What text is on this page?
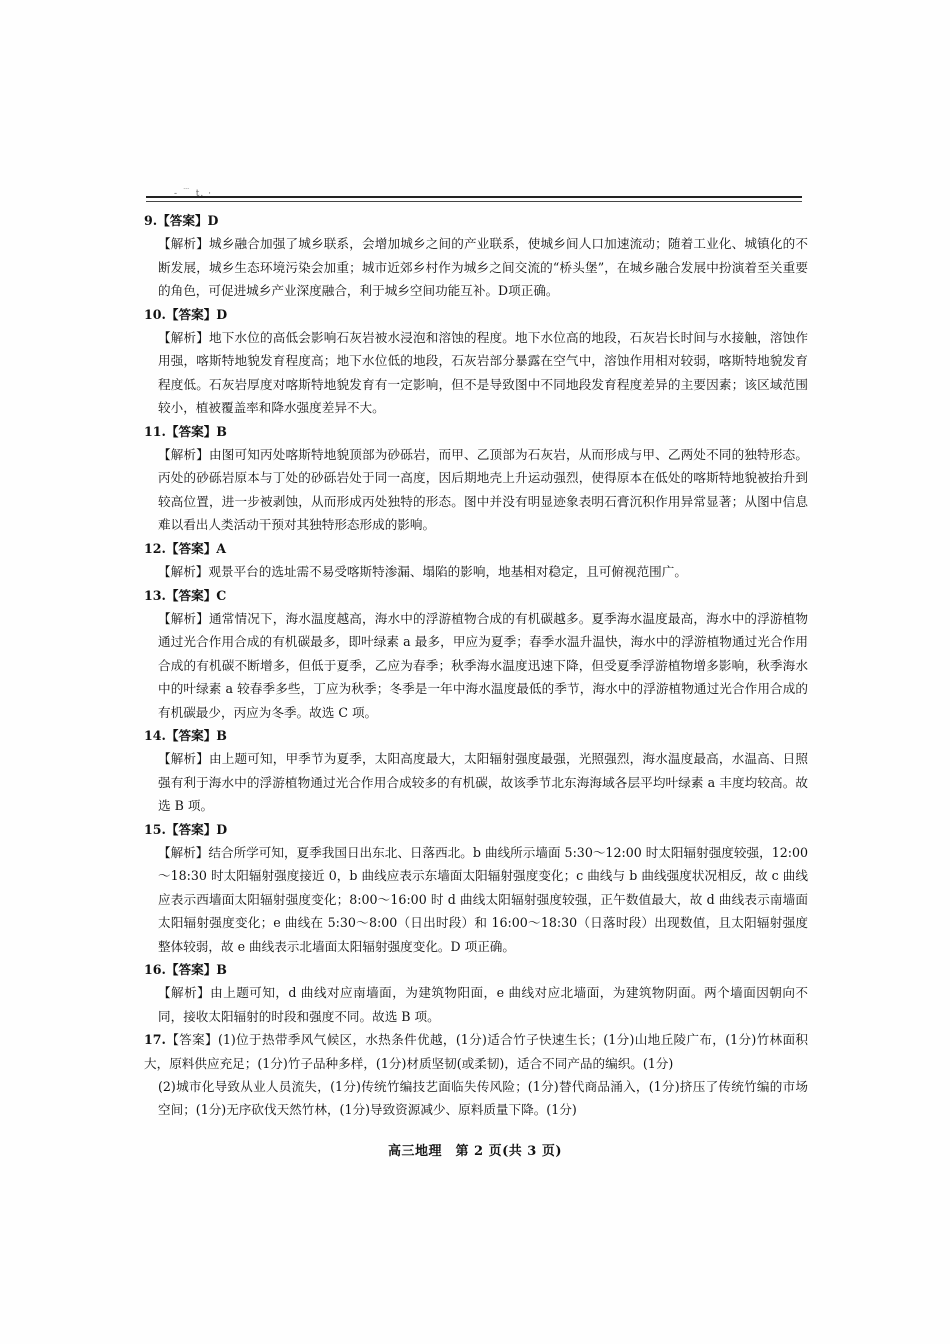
- ﹉ t. ·

9.【答案】D

【解析】城乡融合加强了城乡联系，会增加城乡之间的产业联系，使城乡间人口加速流动；随着工业化、城镇化的不断发展，城乡生态环境污染会加重；城市近郊乡村作为城乡之间交流的“桥头堡”，在城乡融合发展中扮演着至关重要的角色，可促进城乡产业深度融合，利于城乡空间功能互补。D项正确。

10.【答案】D

【解析】地下水位的高低会影响石灰岩被水浸泡和溶蚀的程度。地下水位高的地段，石灰岩长时间与水接触，溶蚀作用强，喀斯特地貌发育程度高；地下水位低的地段，石灰岩部分暴露在空气中，溶蚀作用相对较弱，喀斯特地貌发育程度低。石灰岩厚度对喀斯特地貌发育有一定影响，但不是导致图中不同地段发育程度差异的主要因素；该区域范围较小，植被覆盖率和降水强度差异不大。

11.【答案】B

【解析】由图可知丙处喀斯特地貌顶部为砂砾岩，而甲、乙顶部为石灰岩，从而形成与甲、乙两处不同的独特形态。丙处的砂砾岩原本与丁处的砂砾岩处于同一高度，因后期地壳上升运动强烈，使得原本在低处的喀斯特地貌被抬升到较高位置，进一步被剥蚀，从而形成丙处独特的形态。图中并没有明显迹象表明石膏沉积作用异常显著；从图中信息难以看出人类活动干预对其独特形态形成的影响。

12.【答案】A

【解析】观景平台的选址需不易受喀斯特渗漏、塌陷的影响，地基相对稳定，且可俯视范围广。

13.【答案】C

【解析】通常情况下，海水温度越高，海水中的浮游植物合成的有机碳越多。夏季海水温度最高，海水中的浮游植物通过光合作用合成的有机碳最多，即叶绿素 a 最多，甲应为夏季；春季水温升温快，海水中的浮游植物通过光合作用合成的有机碳不断增多，但低于夏季，乙应为春季；秋季海水温度迅速下降，但受夏季浮游植物增多影响，秋季海水中的叶绿素 a 较春季多些，丁应为秋季；冬季是一年中海水温度最低的季节，海水中的浮游植物通过光合作用合成的有机碳最少，丙应为冬季。故选 C 项。

14.【答案】B

【解析】由上题可知，甲季节为夏季，太阳高度最大，太阳辐射强度最强，光照强烈，海水温度最高，水温高、日照强有利于海水中的浮游植物通过光合作用合成较多的有机碳，故该季节北东海海域各层平均叶绿素 a 丰度均较高。故选 B 项。

15.【答案】D

【解析】结合所学可知，夏季我国日出东北、日落西北。b 曲线所示墙面 5:30～12:00 时太阳辐射强度较强，12:00～18:30 时太阳辐射强度接近 0，b 曲线应表示东墙面太阳辐射强度变化；c 曲线与 b 曲线强度状况相反，故 c 曲线应表示西墙面太阳辐射强度变化；8:00～16:00 时 d 曲线太阳辐射强度较强，正午数值最大，故 d 曲线表示南墙面太阳辐射强度变化；e 曲线在 5:30～8:00（日出时段）和 16:00～18:30（日落时段）出现数值，且太阳辐射强度整体较弱，故 e 曲线表示北墙面太阳辐射强度变化。D 项正确。

16.【答案】B

【解析】由上题可知，d 曲线对应南墙面，为建筑物阳面，e 曲线对应北墙面，为建筑物阴面。两个墙面因朝向不同，接收太阳辐射的时段和强度不同。故选 B 项。

17.【答案】(1)位于热带季风气候区，水热条件优越，(1分)适合竹子快速生长；(1分)山地丘陵广布，(1分)竹林面积大，原料供应充足；(1分)竹子品种多样，(1分)材质坚韧(或柔韧)，适合不同产品的编织。(1分)

(2)城市化导致从业人员流失，(1分)传统竹编技艺面临失传风险；(1分)替代商品涌入，(1分)挤压了传统竹编的市场空间；(1分)无序砍伐天然竹林，(1分)导致资源减少、原料质量下降。(1分)

高三地理　第 2 页(共 3 页)
